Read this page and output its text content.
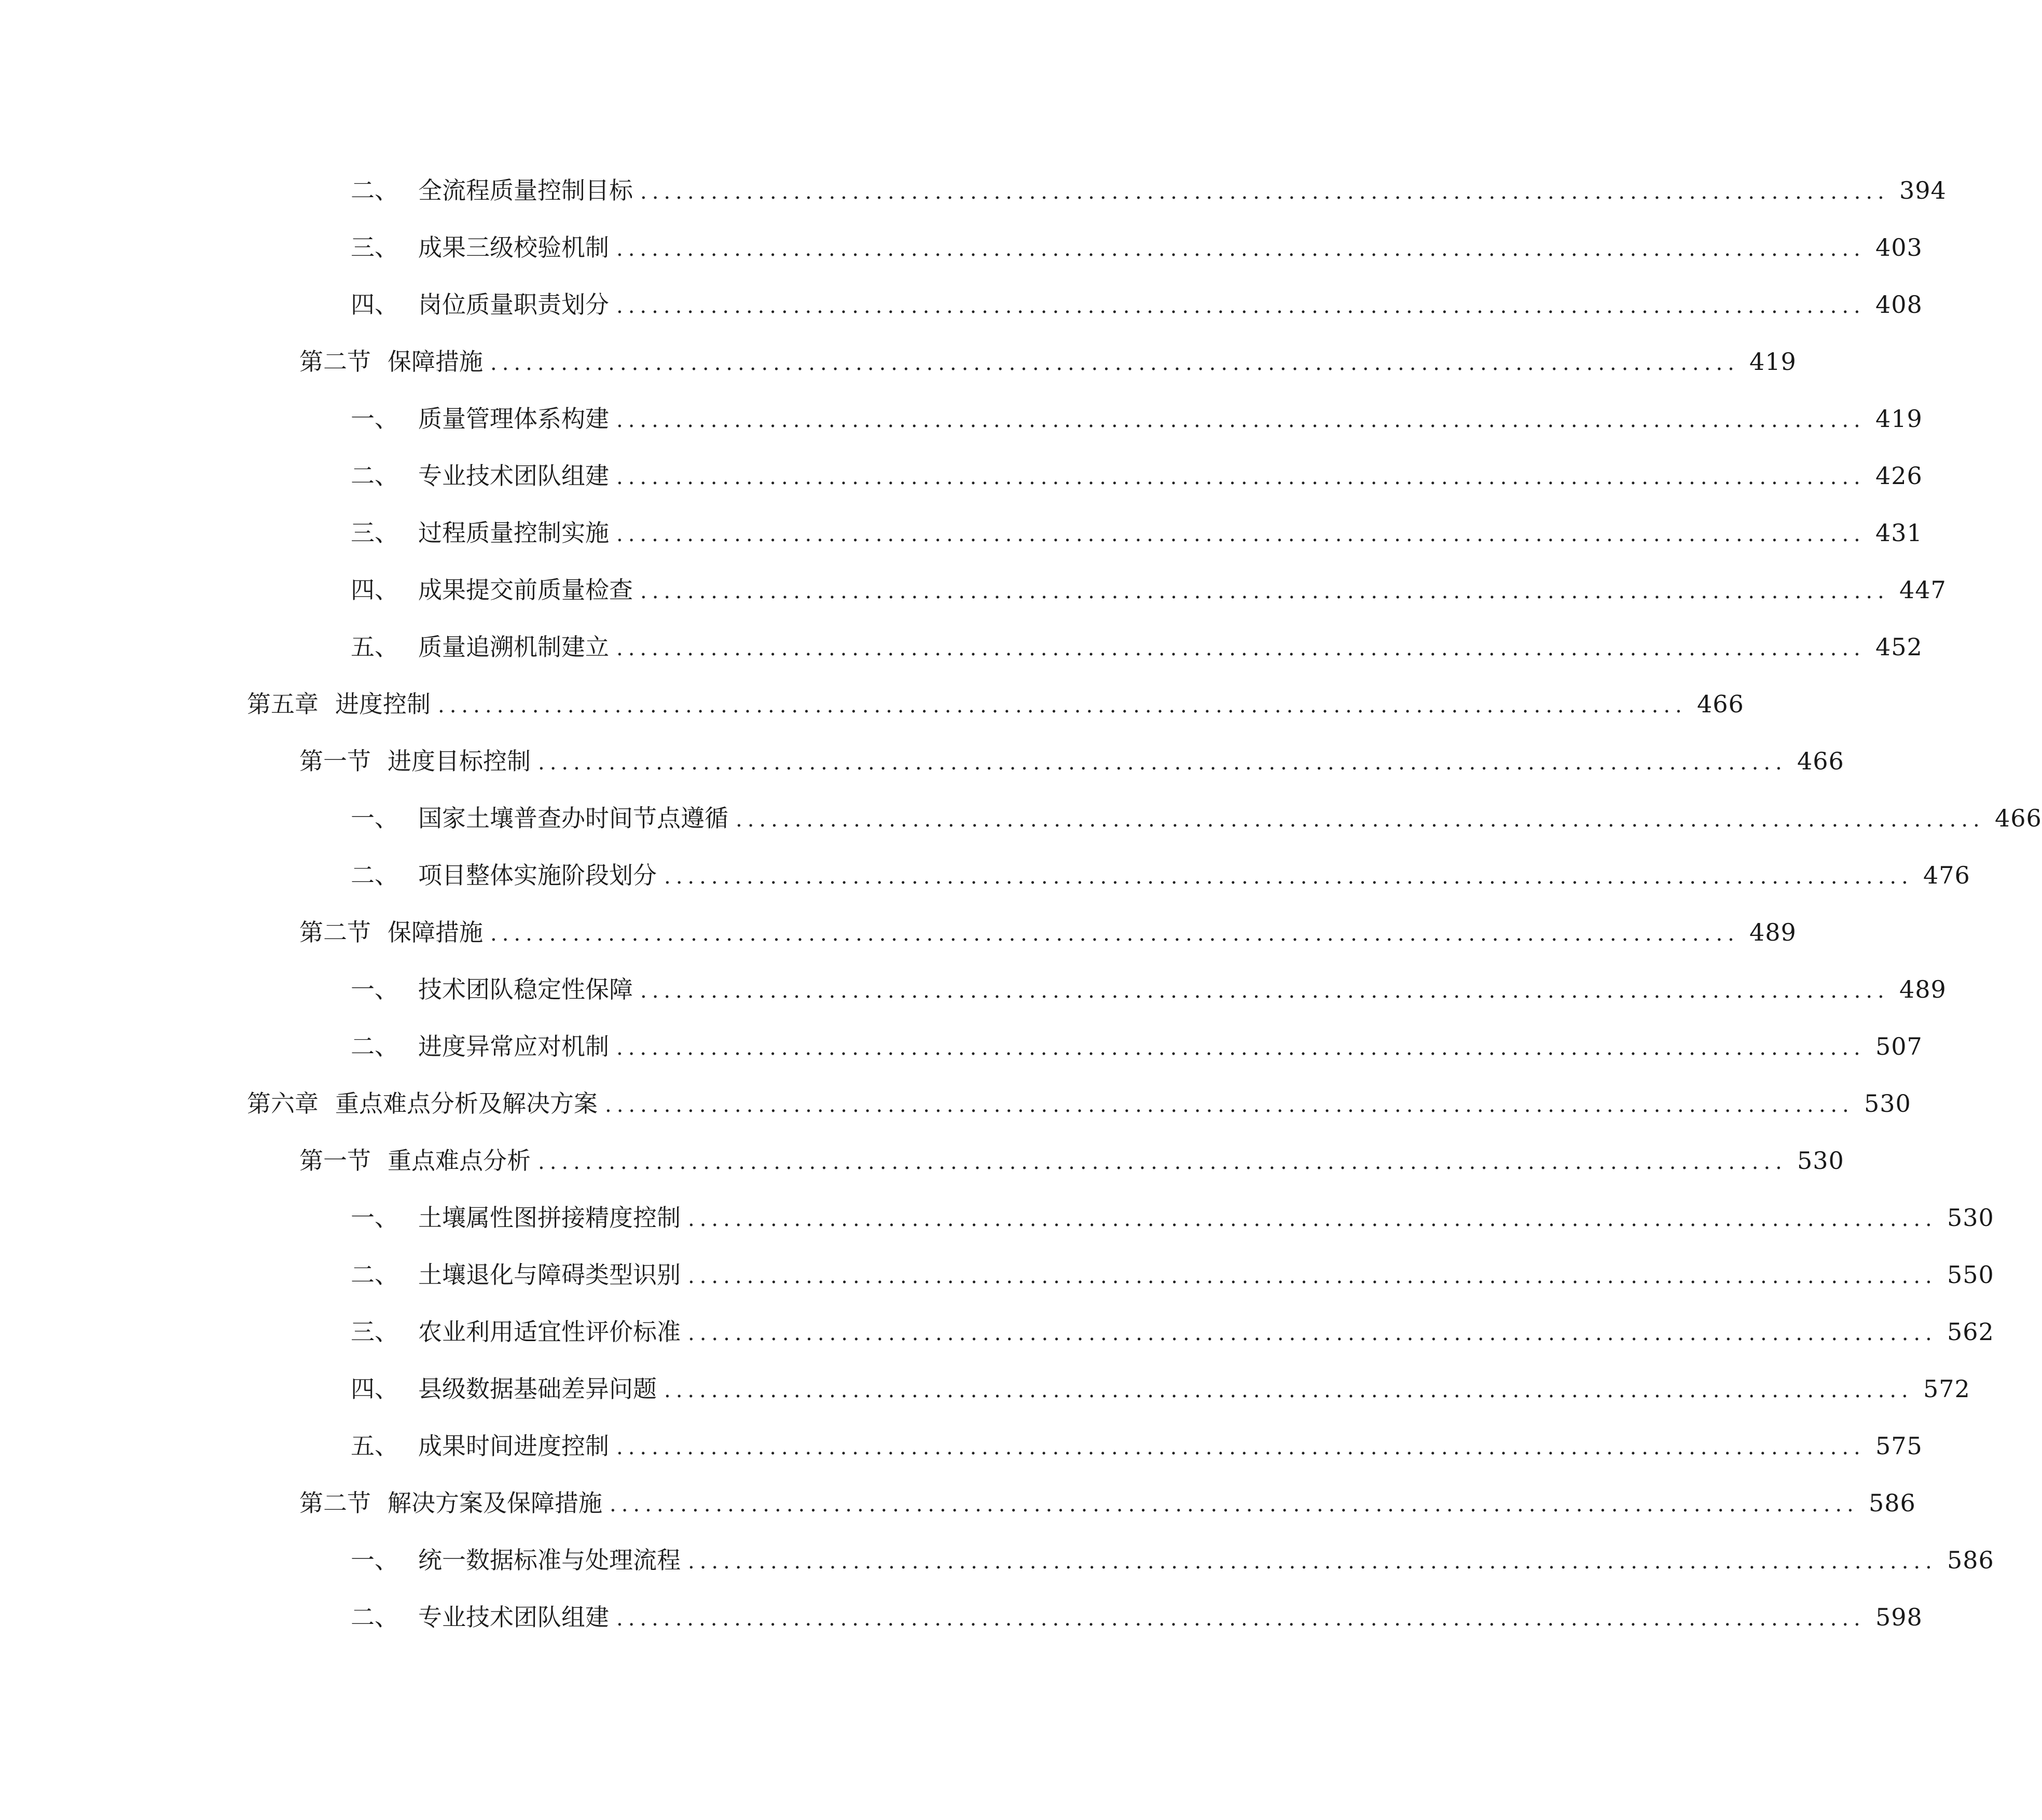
二、 全流程质量控制目标 .......................................................................................................... 394
三、 成果三级校验机制 .......................................................................................................... 403
四、 岗位质量职责划分 .......................................................................................................... 408
第二节 保障措施 .......................................................................................................... 419
一、 质量管理体系构建 .......................................................................................................... 419
二、 专业技术团队组建 .......................................................................................................... 426
三、 过程质量控制实施 .......................................................................................................... 431
四、 成果提交前质量检查 .......................................................................................................... 447
五、 质量追溯机制建立 .......................................................................................................... 452
第五章 进度控制 .......................................................................................................... 466
第一节 进度目标控制 .......................................................................................................... 466
一、 国家土壤普查办时间节点遵循 .......................................................................................................... 466
二、 项目整体实施阶段划分 .......................................................................................................... 476
第二节 保障措施 .......................................................................................................... 489
一、 技术团队稳定性保障 .......................................................................................................... 489
二、 进度异常应对机制 .......................................................................................................... 507
第六章 重点难点分析及解决方案 .......................................................................................................... 530
第一节 重点难点分析 .......................................................................................................... 530
一、 土壤属性图拼接精度控制 .......................................................................................................... 530
二、 土壤退化与障碍类型识别 .......................................................................................................... 550
三、 农业利用适宜性评价标准 .......................................................................................................... 562
四、 县级数据基础差异问题 .......................................................................................................... 572
五、 成果时间进度控制 .......................................................................................................... 575
第二节 解决方案及保障措施 .......................................................................................................... 586
一、 统一数据标准与处理流程 .......................................................................................................... 586
二、 专业技术团队组建 .......................................................................................................... 598
